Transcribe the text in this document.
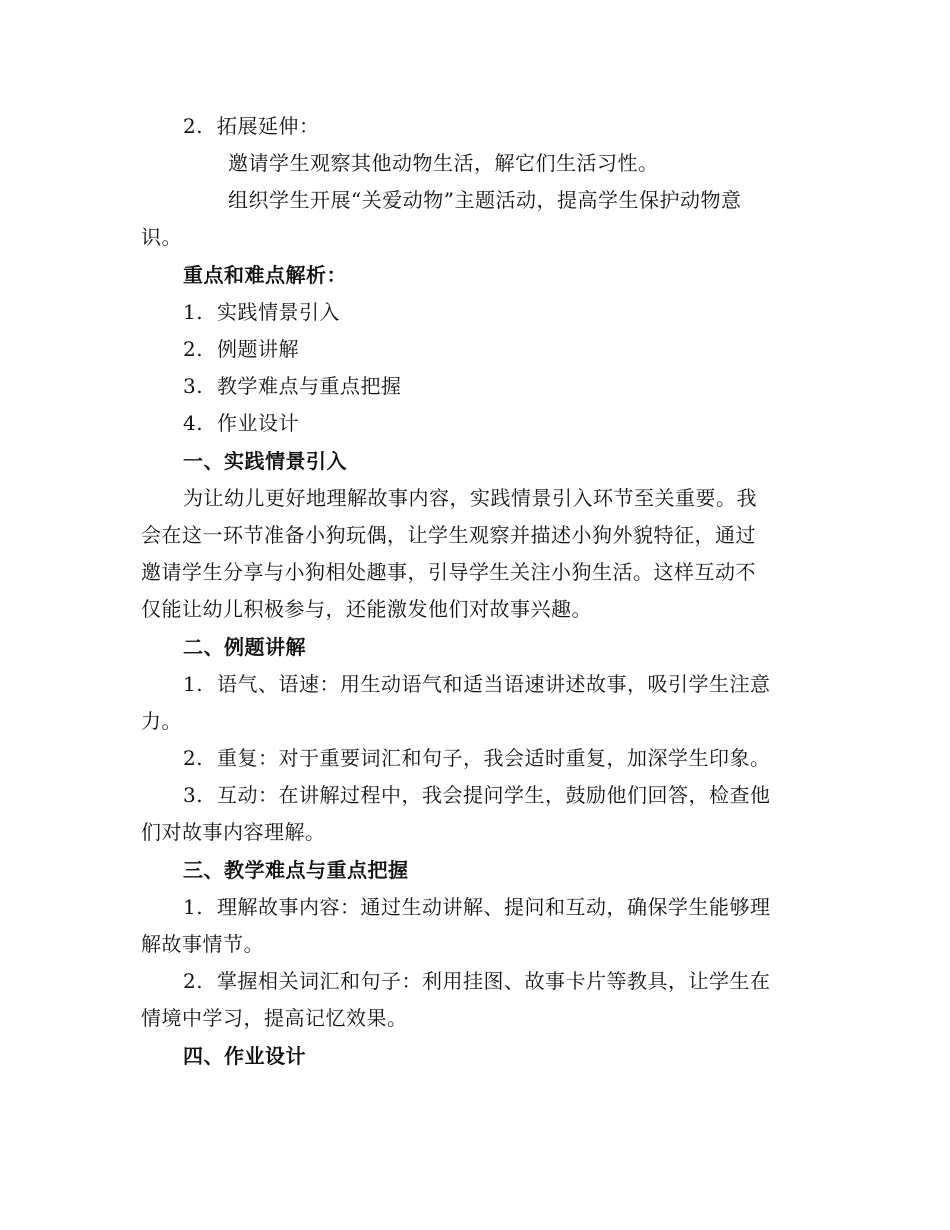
2. 拓展延伸：
邀请学生观察其他动物生活，解它们生活习性。
组织学生开展“关爱动物”主题活动，提高学生保护动物意
识。
重点和难点解析：
1. 实践情景引入
2. 例题讲解
3. 教学难点与重点把握
4. 作业设计
一、实践情景引入
为让幼儿更好地理解故事内容，实践情景引入环节至关重要。我
会在这一环节准备小狗玩偶，让学生观察并描述小狗外貌特征，通过
邀请学生分享与小狗相处趣事，引导学生关注小狗生活。这样互动不
仅能让幼儿积极参与，还能激发他们对故事兴趣。
二、例题讲解
1. 语气、语速：用生动语气和适当语速讲述故事，吸引学生注意
力。
2. 重复：对于重要词汇和句子，我会适时重复，加深学生印象。
3. 互动：在讲解过程中，我会提问学生，鼓励他们回答，检查他
们对故事内容理解。
三、教学难点与重点把握
1. 理解故事内容：通过生动讲解、提问和互动，确保学生能够理
解故事情节。
2. 掌握相关词汇和句子：利用挂图、故事卡片等教具，让学生在
情境中学习，提高记忆效果。
四、作业设计
